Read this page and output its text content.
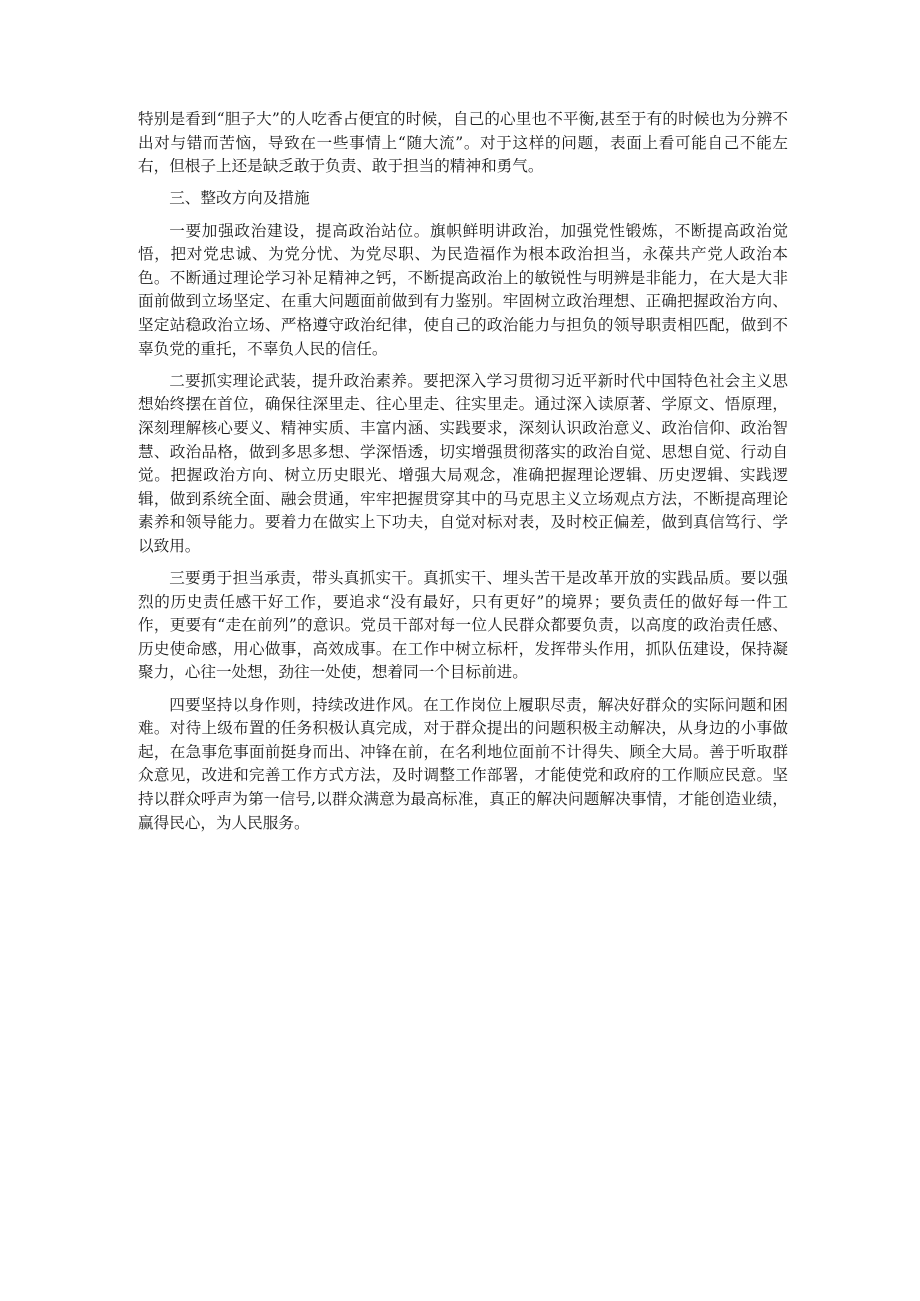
特别是看到“胆子大”的人吃香占便宜的时候，自己的心里也不平衡,甚至于有的时候也为分辨不出对与错而苦恼，导致在一些事情上“随大流”。对于这样的问题，表面上看可能自己不能左右，但根子上还是缺乏敢于负责、敢于担当的精神和勇气。

三、整改方向及措施

一要加强政治建设，提高政治站位。旗帜鲜明讲政治，加强党性锻炼，不断提高政治觉悟，把对党忠诚、为党分忧、为党尽职、为民造福作为根本政治担当，永葆共产党人政治本色。不断通过理论学习补足精神之钙，不断提高政治上的敏锐性与明辨是非能力，在大是大非面前做到立场坚定、在重大问题面前做到有力鉴别。牢固树立政治理想、正确把握政治方向、坚定站稳政治立场、严格遵守政治纪律，使自己的政治能力与担负的领导职责相匹配，做到不辜负党的重托，不辜负人民的信任。

二要抓实理论武装，提升政治素养。要把深入学习贯彻习近平新时代中国特色社会主义思想始终摆在首位，确保往深里走、往心里走、往实里走。通过深入读原著、学原文、悟原理，深刻理解核心要义、精神实质、丰富内涵、实践要求，深刻认识政治意义、政治信仰、政治智慧、政治品格，做到多思多想、学深悟透，切实增强贯彻落实的政治自觉、思想自觉、行动自觉。把握政治方向、树立历史眼光、增强大局观念，准确把握理论逻辑、历史逻辑、实践逻辑，做到系统全面、融会贯通，牢牢把握贯穿其中的马克思主义立场观点方法，不断提高理论素养和领导能力。要着力在做实上下功夫，自觉对标对表，及时校正偏差，做到真信笃行、学以致用。

三要勇于担当承责，带头真抓实干。真抓实干、埋头苦干是改革开放的实践品质。要以强烈的历史责任感干好工作，要追求“没有最好，只有更好”的境界；要负责任的做好每一件工作，更要有“走在前列”的意识。党员干部对每一位人民群众都要负责，以高度的政治责任感、历史使命感，用心做事，高效成事。在工作中树立标杆，发挥带头作用，抓队伍建设，保持凝聚力，心往一处想，劲往一处使，想着同一个目标前进。

四要坚持以身作则，持续改进作风。在工作岗位上履职尽责，解决好群众的实际问题和困难。对待上级布置的任务积极认真完成，对于群众提出的问题积极主动解决，从身边的小事做起，在急事危事面前挺身而出、冲锋在前，在名利地位面前不计得失、顾全大局。善于听取群众意见，改进和完善工作方式方法，及时调整工作部署，才能使党和政府的工作顺应民意。坚持以群众呼声为第一信号,以群众满意为最高标准，真正的解决问题解决事情，才能创造业绩，赢得民心，为人民服务。
